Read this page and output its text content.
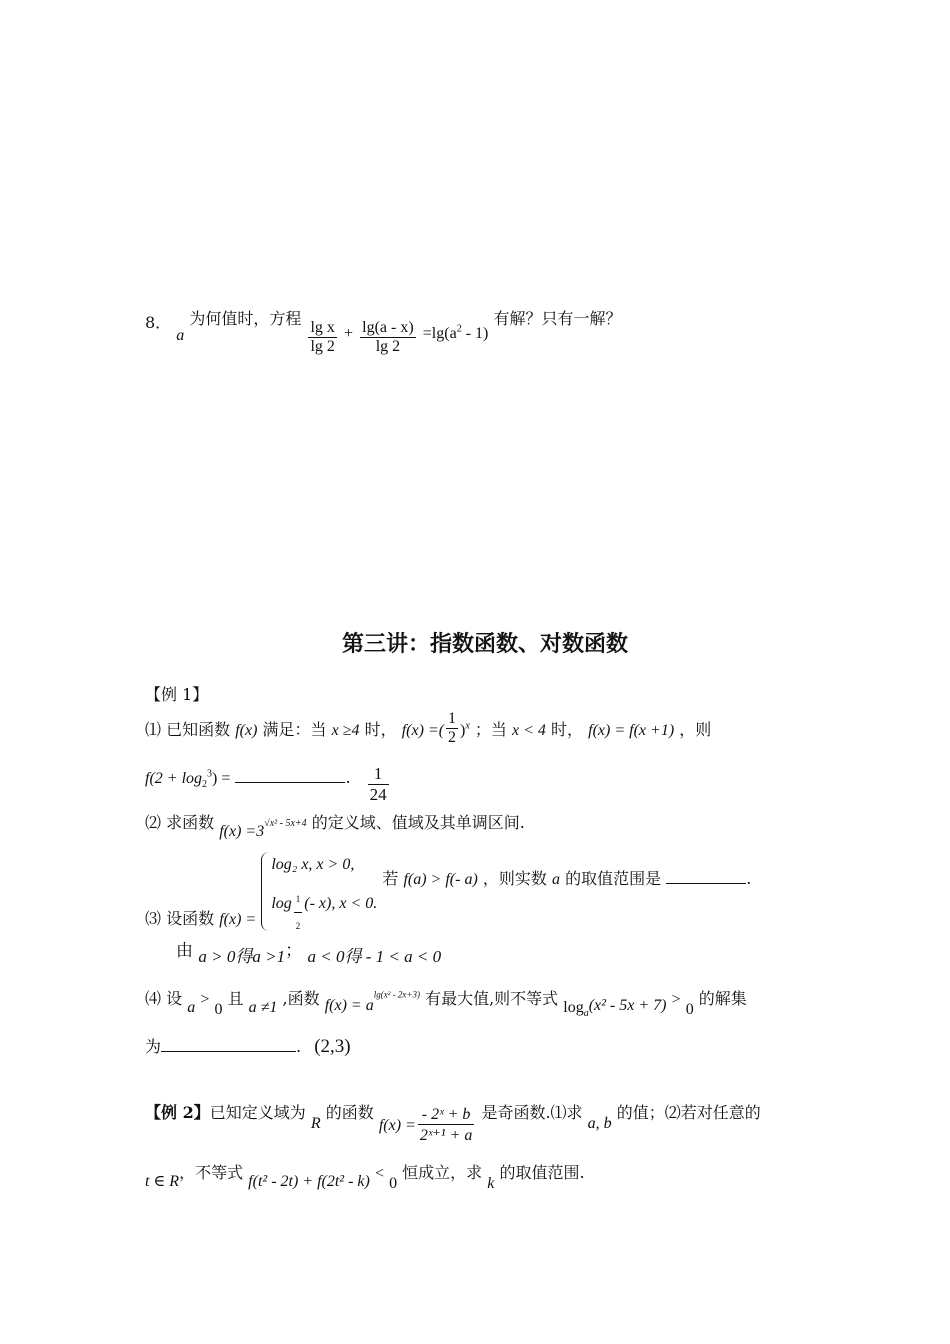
8． a 为何值时，方程
$\frac{\text{lg x}}{\lg 2} + \frac{\lg(a - x)}{\lg 2} =\lg(a^2 - 1)$ 有解？只有一解？
第三讲：指数函数、对数函数
【例 1】
⑴ 已知函数 f(x) 满足：当 x ≥4 时， f(x) =( $\frac{1}{2} )^x$ ；当 x < 4 时， f(x) = f(x +1) ，则
$f(2 + \log_2^3)$ =	. $\frac{1}{24}$
⑵ 求函数 $f(x) =3^{√x^2 - 5x+4}$ 的定义域、值域及其单调区间.
⑶ 设函数 f(x) =
log₂ x, x > 0,
$\log \frac{1}{2}$ (- x), x < 0.
若 f(a) > f(- a) ，则实数 a 的取值范围是	.
由 a > 0得a >1； a < 0得 - 1 < a < 0
⑷ 设 a > 0 且 a ≠1 ,函数 $f(x) = a^{lg(x^2 - 2x+3)}$ 有最大值,则不等式 $\log_a(x^2 - 5x + 7) > 0$ 的解集
为	. (2,3)
【例 2】已知定义域为 R 的函数 $f(x) = \frac{\text{- 2ˣ + b}}{\text{2ˣ⁺¹ + a}}$ 是奇函数.⑴求 a, b 的值；⑵若对任意的
t ∈ R，不等式 f(t² - 2t) + f(2t² - k) < 0 恒成立，求 k 的取值范围.
